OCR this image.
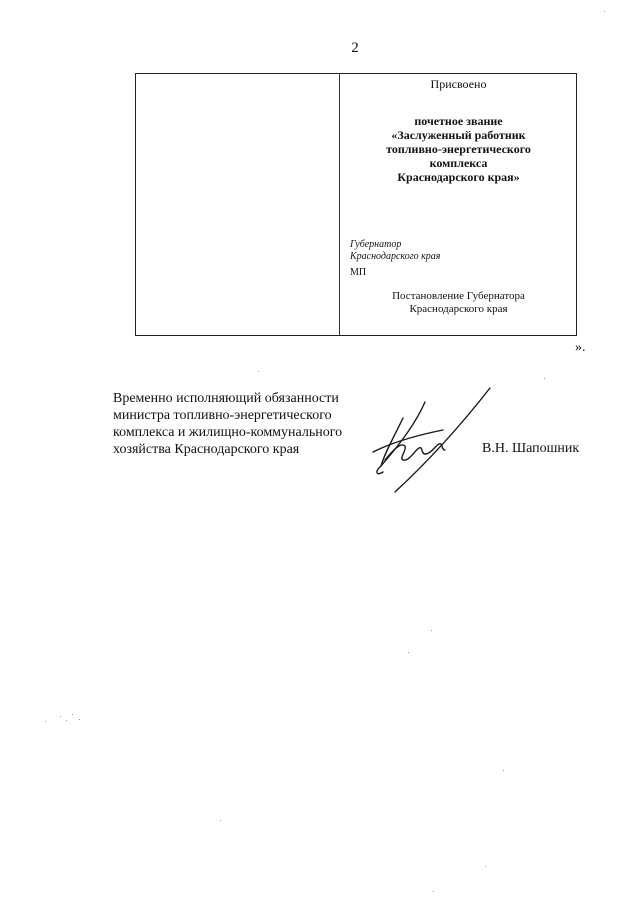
2
Присвоено
почетное звание
«Заслуженный работник
топливно-энергетического
комплекса
Краснодарского края»
Губернатор
Краснодарского края
МП
Постановление Губернатора
Краснодарского края
».
Временно исполняющий обязанности
министра топливно-энергетического
комплекса и жилищно-коммунального
хозяйства Краснодарского края	В.Н. Шапошник
